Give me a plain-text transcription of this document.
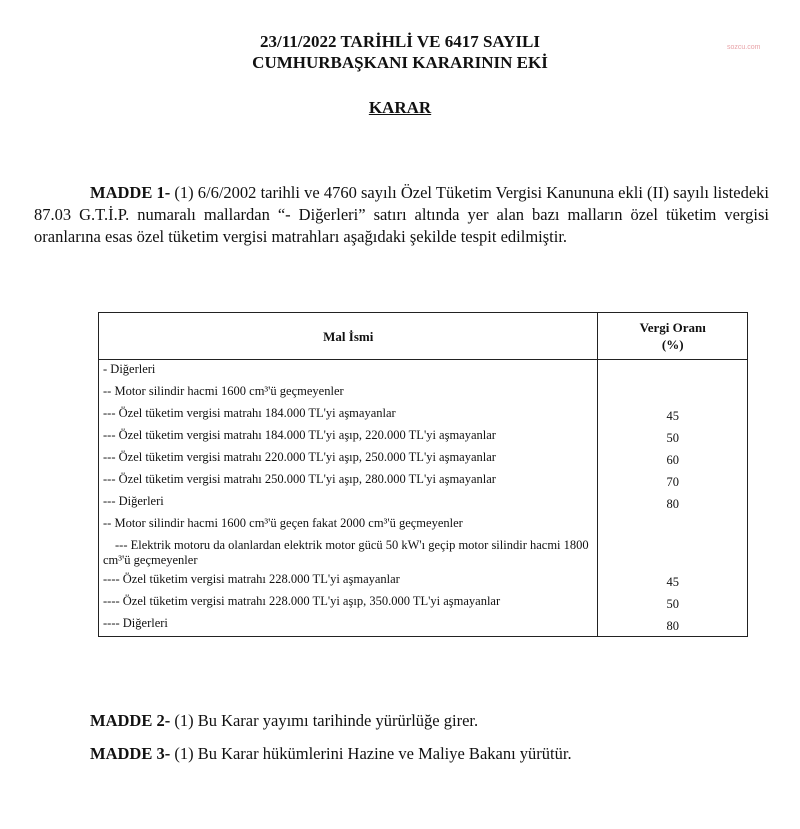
23/11/2022 TARİHLİ VE 6417 SAYILI
CUMHURBAŞKANI KARARININ EKİ
sozcu.com
KARAR
MADDE 1- (1) 6/6/2002 tarihli ve 4760 sayılı Özel Tüketim Vergisi Kanununa ekli (II) sayılı listedeki 87.03 G.T.İ.P. numaralı mallardan “- Diğerleri” satırı altında yer alan bazı malların özel tüketim vergisi oranlarına esas özel tüketim vergisi matrahları aşağıdaki şekilde tespit edilmiştir.
Mal İsmi	Vergi Oranı
(%)
- Diğerleri	
-- Motor silindir hacmi 1600 cm³'ü geçmeyenler	
--- Özel tüketim vergisi matrahı 184.000 TL'yi aşmayanlar	45
--- Özel tüketim vergisi matrahı 184.000 TL'yi aşıp, 220.000 TL'yi aşmayanlar	50
--- Özel tüketim vergisi matrahı 220.000 TL'yi aşıp, 250.000 TL'yi aşmayanlar	60
--- Özel tüketim vergisi matrahı 250.000 TL'yi aşıp, 280.000 TL'yi aşmayanlar	70
--- Diğerleri	80
-- Motor silindir hacmi 1600 cm³'ü geçen fakat 2000 cm³'ü geçmeyenler	
--- Elektrik motoru da olanlardan elektrik motor gücü 50 kW'ı geçip motor silindir hacmi 1800 cm³'ü geçmeyenler	
---- Özel tüketim vergisi matrahı 228.000 TL'yi aşmayanlar	45
---- Özel tüketim vergisi matrahı 228.000 TL'yi aşıp, 350.000 TL'yi aşmayanlar	50
---- Diğerleri	80
MADDE 2- (1) Bu Karar yayımı tarihinde yürürlüğe girer.
MADDE 3- (1) Bu Karar hükümlerini Hazine ve Maliye Bakanı yürütür.
